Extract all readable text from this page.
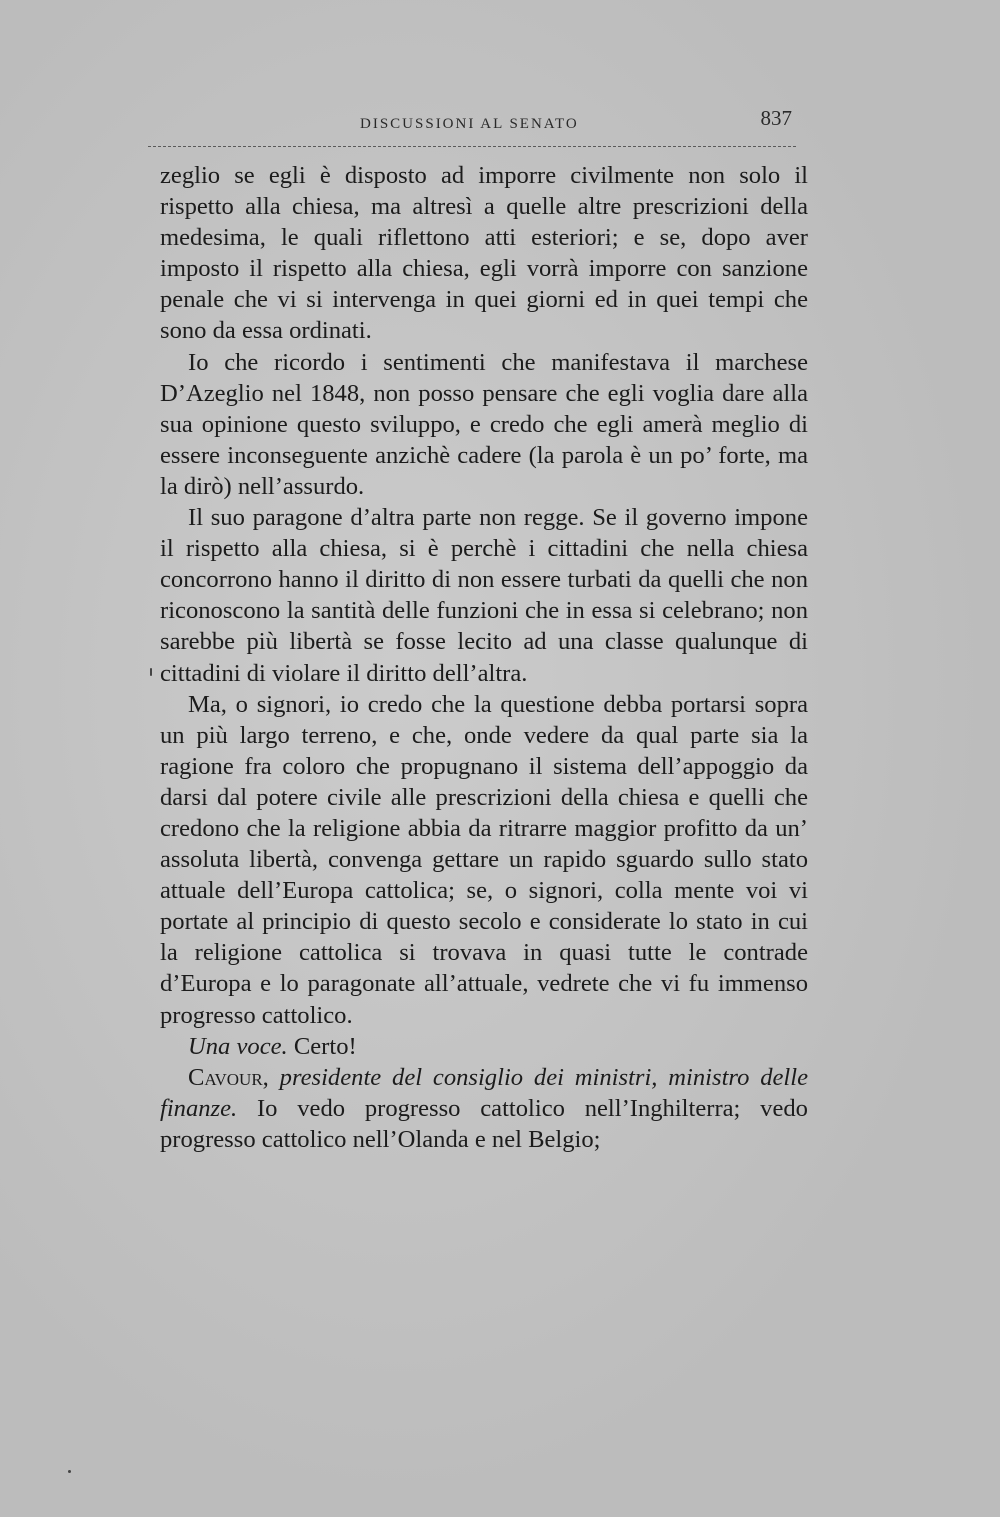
DISCUSSIONI AL SENATO	837

zeglio se egli è disposto ad imporre civilmente non solo il rispetto alla chiesa, ma altresì a quelle altre prescrizioni della medesima, le quali riflettono atti esteriori; e se, dopo aver imposto il rispetto alla chiesa, egli vorrà imporre con sanzione penale che vi si intervenga in quei giorni ed in quei tempi che sono da essa ordinati.

Io che ricordo i sentimenti che manifestava il marchese D’Azeglio nel 1848, non posso pensare che egli voglia dare alla sua opinione questo sviluppo, e credo che egli amerà meglio di essere inconseguente anzichè cadere (la parola è un po’ forte, ma la dirò) nell’assurdo.

Il suo paragone d’altra parte non regge. Se il governo impone il rispetto alla chiesa, si è perchè i cittadini che nella chiesa concorrono hanno il diritto di non essere turbati da quelli che non riconoscono la santità delle funzioni che in essa si celebrano; non sarebbe più libertà se fosse lecito ad una classe qualunque di cittadini di violare il diritto dell’altra.

Ma, o signori, io credo che la questione debba portarsi sopra un più largo terreno, e che, onde vedere da qual parte sia la ragione fra coloro che propugnano il sistema dell’appoggio da darsi dal potere civile alle prescrizioni della chiesa e quelli che credono che la religione abbia da ritrarre maggior profitto da un’ assoluta libertà, convenga gettare un rapido sguardo sullo stato attuale dell’Europa cattolica; se, o signori, colla mente voi vi portate al principio di questo secolo e considerate lo stato in cui la religione cattolica si trovava in quasi tutte le contrade d’Europa e lo paragonate all’attuale, vedrete che vi fu immenso progresso cattolico.

Una voce. Certo!

Cavour, presidente del consiglio dei ministri, ministro delle finanze. Io vedo progresso cattolico nell’Inghilterra; vedo progresso cattolico nell’Olanda e nel Belgio;
